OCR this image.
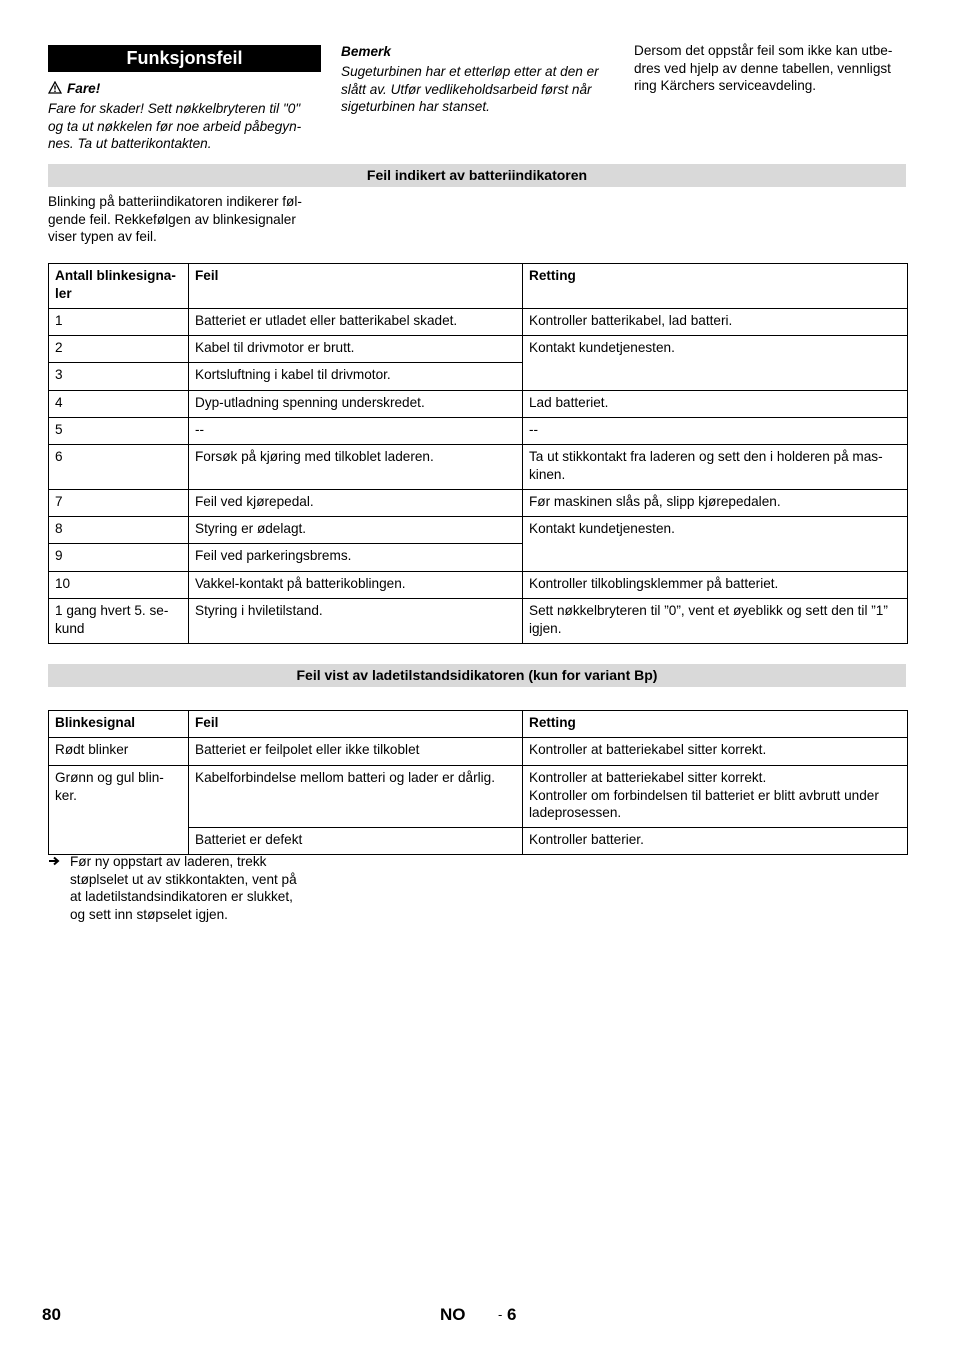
Funksjonsfeil
Fare!
Fare for skader! Sett nøkkelbryteren til "0"
og ta ut nøkkelen før noe arbeid påbegyn-
nes. Ta ut batterikontakten.
Bemerk
Sugeturbinen har et etterløp etter at den er
slått av. Utfør vedlikeholdsarbeid først når
sigeturbinen har stanset.
Dersom det oppstår feil som ikke kan utbe-
dres ved hjelp av denne tabellen, vennligst
ring Kärchers serviceavdeling.
Feil indikert av batteriindikatoren
Blinking på batteriindikatoren indikerer føl-
gende feil. Rekkefølgen av blinkesignaler
viser typen av feil.
Antall blinkesigna-ler	Feil	Retting
1	Batteriet er utladet eller batterikabel skadet.	Kontroller batterikabel, lad batteri.
2	Kabel til drivmotor er brutt.	Kontakt kundetjenesten.
3	Kortsluftning i kabel til drivmotor.	
4	Dyp-utladning spenning underskredet.	Lad batteriet.
5	--	--
6	Forsøk på kjøring med tilkoblet laderen.	Ta ut stikkontakt fra laderen og sett den i holderen på mas-kinen.
7	Feil ved kjørepedal.	Før maskinen slås på, slipp kjørepedalen.
8	Styring er ødelagt.	Kontakt kundetjenesten.
9	Feil ved parkeringsbrems.	
10	Vakkel-kontakt på batterikoblingen.	Kontroller tilkoblingsklemmer på batteriet.
1 gang hvert 5. se-kund	Styring i hviletilstand.	Sett nøkkelbryteren til ”0”, vent et øyeblikk og sett den til ”1” igjen.
Feil vist av ladetilstandsidikatoren (kun for variant Bp)
Blinkesignal	Feil	Retting
Rødt blinker	Batteriet er feilpolet eller ikke tilkoblet	Kontroller at batteriekabel sitter korrekt.
Grønn og gul blin-ker.	Kabelforbindelse mellom batteri og lader er dårlig.	Kontroller at batteriekabel sitter korrekt.
Kontroller om forbindelsen til batteriet er blitt avbrutt under ladeprosessen.

	Batteriet er defekt	Kontroller batterier.
Før ny oppstart av laderen, trekk
støplselet ut av stikkontakten, vent på
at ladetilstandsindikatoren er slukket,
og sett inn støpselet igjen.
80	NO	- 6
